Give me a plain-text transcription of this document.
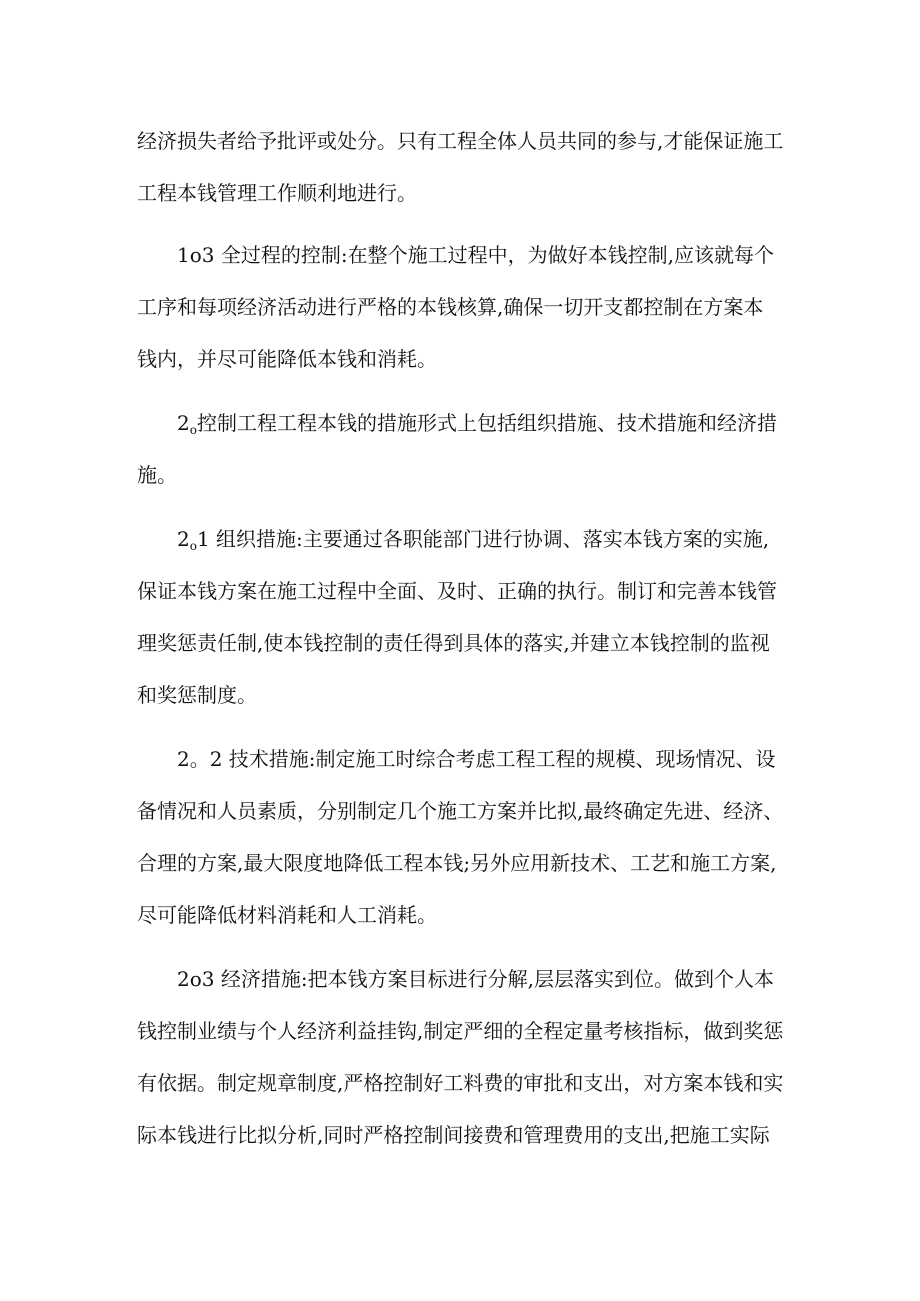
经济损失者给予批评或处分。只有工程全体人员共同的参与,才能保证施工
工程本钱管理工作顺利地进行。
1o3 全过程的控制:在整个施工过程中，为做好本钱控制,应该就每个
工序和每项经济活动进行严格的本钱核算,确保一切开支都控制在方案本
钱内，并尽可能降低本钱和消耗。
$2_o$控制工程工程本钱的措施形式上包括组织措施、技术措施和经济措
施。
$2_o1$ 组织措施:主要通过各职能部门进行协调、落实本钱方案的实施,
保证本钱方案在施工过程中全面、及时、正确的执行。制订和完善本钱管
理奖惩责任制,使本钱控制的责任得到具体的落实,并建立本钱控制的监视
和奖惩制度。
2。2 技术措施:制定施工时综合考虑工程工程的规模、现场情况、设
备情况和人员素质，分别制定几个施工方案并比拟,最终确定先进、经济、
合理的方案,最大限度地降低工程本钱;另外应用新技术、工艺和施工方案,
尽可能降低材料消耗和人工消耗。
2o3 经济措施:把本钱方案目标进行分解,层层落实到位。做到个人本
钱控制业绩与个人经济利益挂钩,制定严细的全程定量考核指标，做到奖惩
有依据。制定规章制度,严格控制好工料费的审批和支出，对方案本钱和实
际本钱进行比拟分析,同时严格控制间接费和管理费用的支出,把施工实际
